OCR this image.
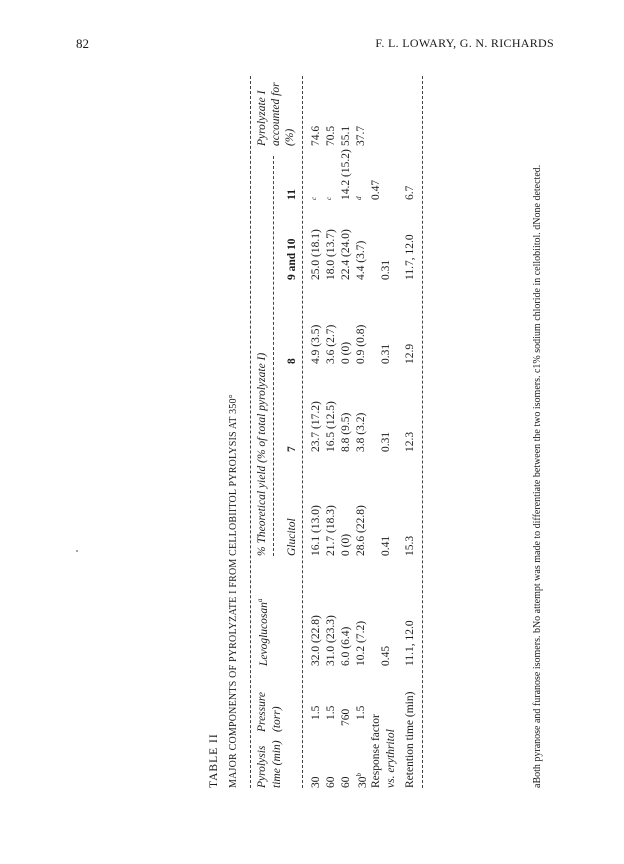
82	F. L. LOWARY, G. N. RICHARDS
TABLE II MAJOR COMPONENTS OF PYROLYZATE I FROM CELLOBIITOL PYROLYSIS AT 350° Pyrolysis time (min)
Pressure (torr)
Levoglucosan$^a$
% Theoretical yield (% of total pyrolyzate I)
Pyrolyzate I accounted for (%)
Glucitol
7
8
9 and 10
11
30
1.5
32.0 (22.8)
16.1 (13.0)
23.7 (17.2)
4.9 (3.5)
25.0 (18.1)
$^c$
74.6
60
1.5
31.0 (23.3)
21.7 (18.3)
16.5 (12.5)
3.6 (2.7)
18.0 (13.7)
$^c$
70.5
60
760
6.0 (6.4)
0 (0)
8.8 (9.5)
0 (0)
22.4 (24.0)
14.2 (15.2)
55.1
30$^b$
1.5
10.2 (7.2)
28.6 (22.8)
3.8 (3.2)
0.9 (0.8)
4.4 (3.7)
$^d$
37.7
Response factor vs. erythritol
0.45
0.41
0.31
0.31
0.31
0.47
Retention time (min)
11.1, 12.0
15.3
12.3
12.9
11.7, 12.0
6.7	aBoth pyranose and furanose isomers. bNo attempt was made to differentiate between the two isomers. c1% sodium chloride in cellobiitol. dNone detected.
